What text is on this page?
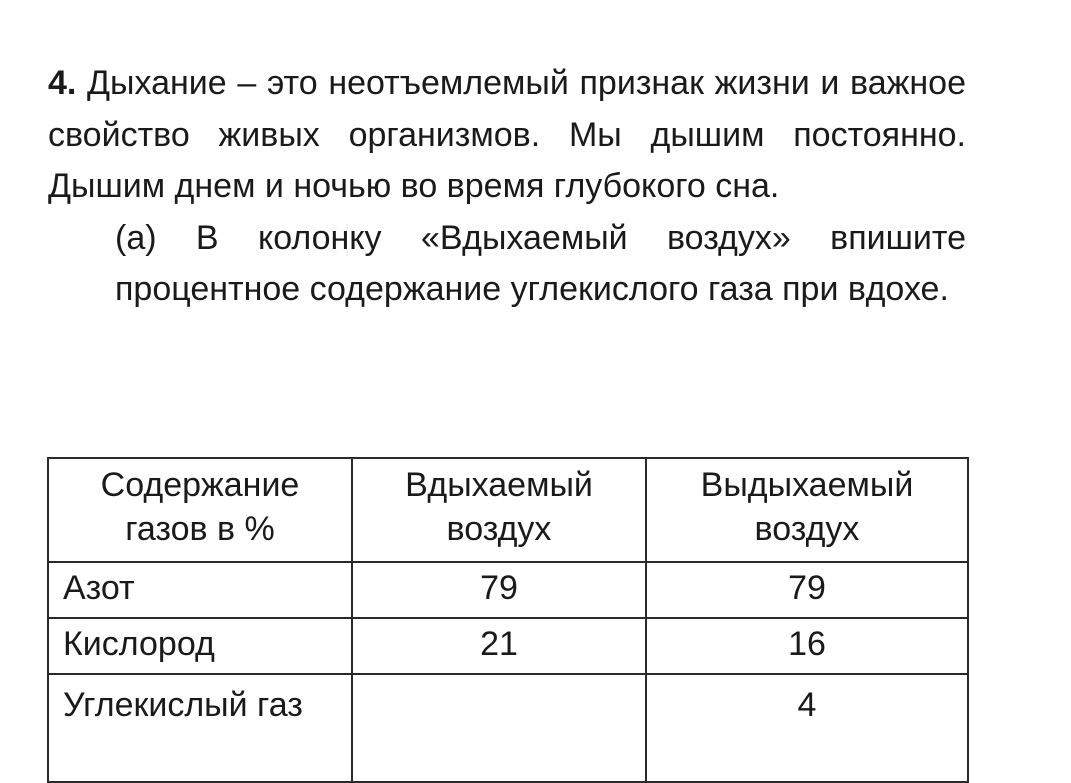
4. Дыхание – это неотъемлемый признак жизни и важное свойство живых организмов. Мы дышим постоянно. Дышим днем и ночью во время глубокого сна.

(а) В колонку «Вдыхаемый воздух» впишите процентное содержание углекислого газа при вдохе.

Содержание газов в %	Вдыхаемый воздух	Выдыхаемый воздух
Азот	79	79
Кислород	21	16
Углекислый газ		4
